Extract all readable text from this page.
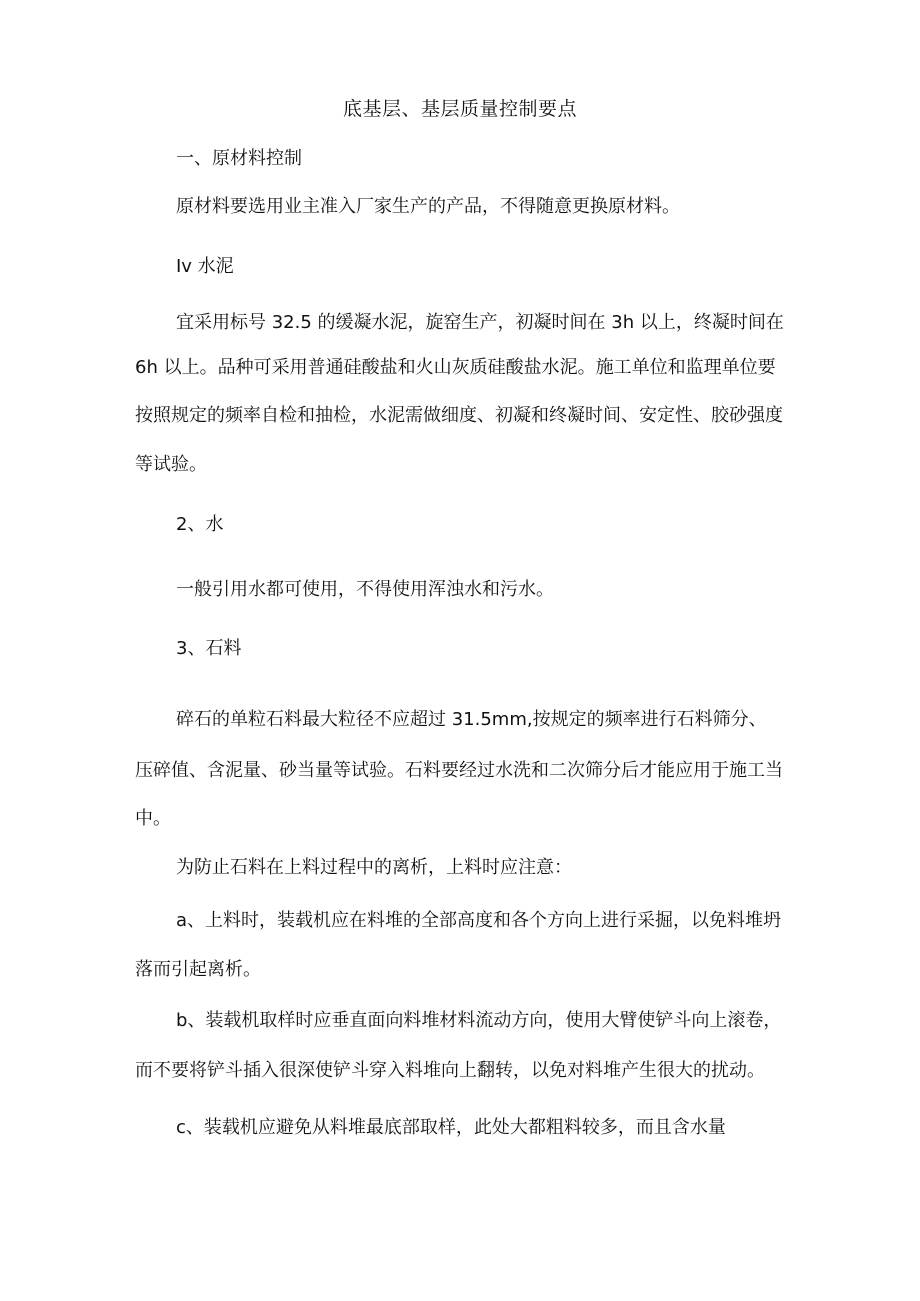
底基层、基层质量控制要点
一、原材料控制
原材料要选用业主准入厂家生产的产品，不得随意更换原材料。
Iv 水泥
宜采用标号 32.5 的缓凝水泥，旋窑生产，初凝时间在 3h 以上，终凝时间在
6h 以上。品种可采用普通硅酸盐和火山灰质硅酸盐水泥。施工单位和监理单位要
按照规定的频率自检和抽检，水泥需做细度、初凝和终凝时间、安定性、胶砂强度
等试验。
2、水
一般引用水都可使用，不得使用浑浊水和污水。
3、石料
碎石的单粒石料最大粒径不应超过 31.5mm,按规定的频率进行石料筛分、
压碎值、含泥量、砂当量等试验。石料要经过水洗和二次筛分后才能应用于施工当
中。
为防止石料在上料过程中的离析，上料时应注意：
a、上料时，装载机应在料堆的全部高度和各个方向上进行采掘，以免料堆坍
落而引起离析。
b、装载机取样时应垂直面向料堆材料流动方向，使用大臂使铲斗向上滚卷，
而不要将铲斗插入很深使铲斗穿入料堆向上翻转，以免对料堆产生很大的扰动。
c、装载机应避免从料堆最底部取样，此处大都粗料较多，而且含水量
